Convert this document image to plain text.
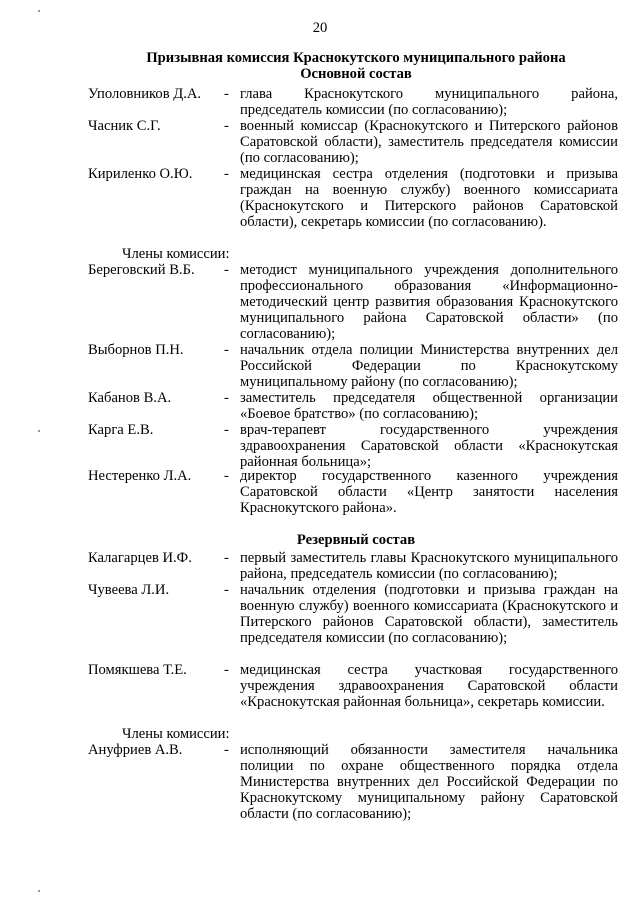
20
Призывная комиссия Краснокутского муниципального района
Основной состав
Уполовников Д.А. - глава Краснокутского муниципального района, председатель комиссии (по согласованию);
Часник С.Г.	- военный комиссар (Краснокутского и Питерского районов Саратовской области), заместитель председателя комиссии (по согласованию);
Кириленко О.Ю. - медицинская сестра отделения (подготовки и призыва граждан на военную службу) военного комиссариата (Краснокутского и Питерского районов Саратовской области), секретарь комиссии (по согласованию).
Члены комиссии:
Береговский В.Б. - методист муниципального учреждения дополнительного профессионального образования «Информационно-методический центр развития образования Краснокутского муниципального района Саратовской области» (по согласованию);
Выборнов П.Н.	- начальник отдела полиции Министерства внутренних дел Российской Федерации по Краснокутскому муниципальному району (по согласованию);
Кабанов В.А.	- заместитель председателя общественной организации «Боевое братство» (по согласованию);
Карга Е.В.	- врач-терапевт государственного учреждения здравоохранения Саратовской области «Краснокутская районная больница»;
Нестеренко Л.А. - директор государственного казенного учреждения Саратовской области «Центр занятости населения Краснокутского района».
Резервный состав
Калагарцев И.Ф. - первый заместитель главы Краснокутского муниципального района, председатель комиссии (по согласованию);
Чувеева Л.И.	- начальник отделения (подготовки и призыва граждан на военную службу) военного комиссариата (Краснокутского и Питерского районов Саратовской области), заместитель председателя комиссии (по согласованию);
Помякшева Т.Е.	- медицинская сестра участковая государственного учреждения здравоохранения Саратовской области «Краснокутская районная больница», секретарь комиссии.
Члены комиссии:
Ануфриев А.В.	- исполняющий обязанности заместителя начальника полиции по охране общественного порядка отдела Министерства внутренних дел Российской Федерации по Краснокутскому муниципальному району Саратовской области (по согласованию);
